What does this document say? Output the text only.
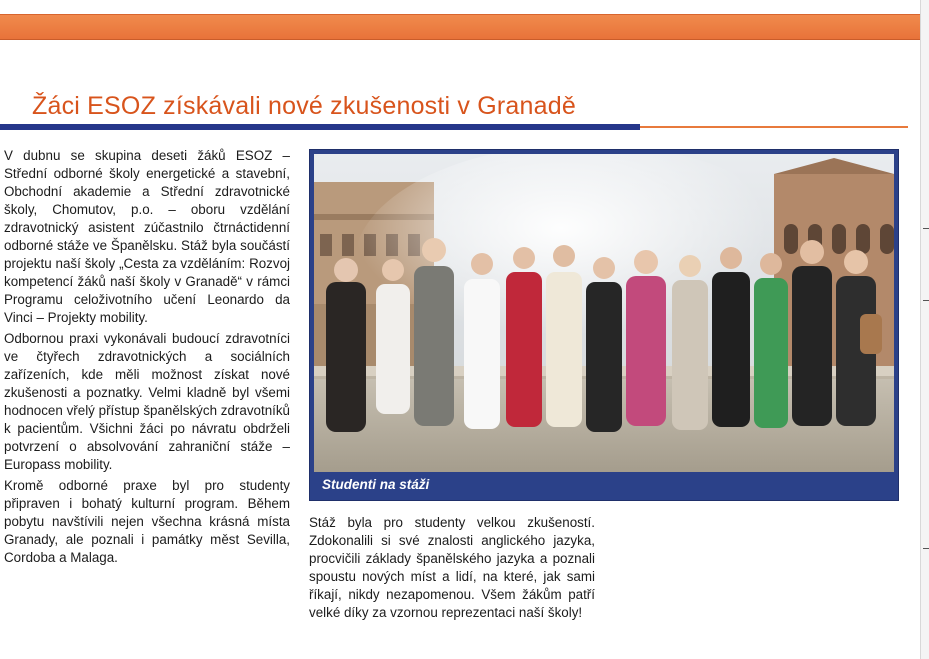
Žáci ESOZ získávali nové zkušenosti v Granadě

V dubnu se skupina deseti žáků ESOZ – Střední odborné školy energetické a stavební, Obchodní akademie a Střední zdravotnické školy, Chomutov, p.o. – oboru vzdělání zdravotnický asistent zúčastnilo čtrnáctidenní odborné stáže ve Španělsku. Stáž byla součástí projektu naší školy „Cesta za vzděláním: Rozvoj kompetencí žáků naší školy v Granadě“ v rámci Programu celoživotního učení Leonardo da Vinci – Projekty mobility.

Odbornou praxi vykonávali budoucí zdravotníci ve čtyřech zdravotnických a sociálních zařízeních, kde měli možnost získat nové zkušenosti a poznatky. Velmi kladně byl všemi hodnocen vřelý přístup španělských zdravotníků k pacientům. Všichni žáci po návratu obdrželi potvrzení o absolvování zahraniční stáže – Europass mobility.

Kromě odborné praxe byl pro studenty připraven i bohatý kulturní program. Během pobytu navštívili nejen všechna krásná místa Granady, ale poznali i památky měst Sevilla, Cordoba a Malaga.

Studenti na stáži

Stáž byla pro studenty velkou zkušeností. Zdokonalili si své znalosti anglického jazyka, procvičili základy španělského jazyka a poznali spoustu nových míst a lidí, na které, jak sami říkají, nikdy nezapomenou. Všem žákům patří velké díky za vzornou reprezentaci naší školy!
